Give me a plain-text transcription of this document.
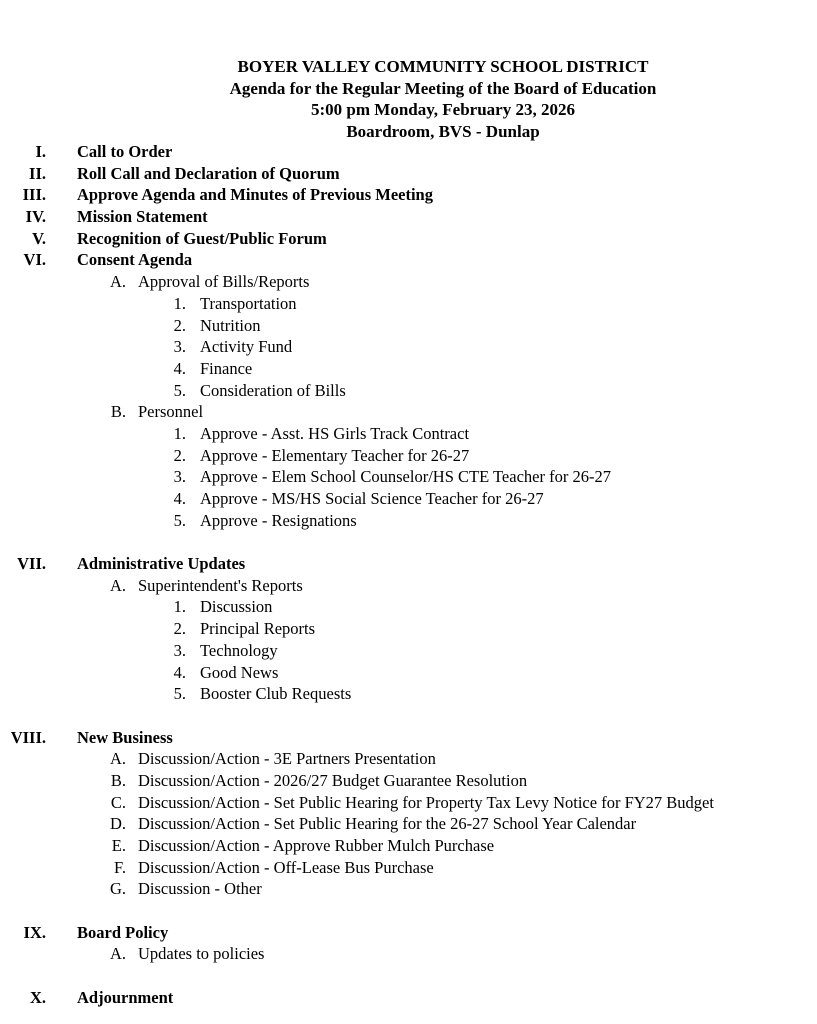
BOYER VALLEY COMMUNITY SCHOOL DISTRICT
Agenda for the Regular Meeting of the Board of Education
5:00 pm Monday, February 23, 2026
Boardroom, BVS - Dunlap
I. Call to Order
II. Roll Call and Declaration of Quorum
III. Approve Agenda and Minutes of Previous Meeting
IV. Mission Statement
V. Recognition of Guest/Public Forum
VI. Consent Agenda
A. Approval of Bills/Reports
1. Transportation
2. Nutrition
3. Activity Fund
4. Finance
5. Consideration of Bills
B. Personnel
1. Approve - Asst. HS Girls Track Contract
2. Approve - Elementary Teacher for 26-27
3. Approve - Elem School Counselor/HS CTE Teacher for 26-27
4. Approve - MS/HS Social Science Teacher for 26-27
5. Approve - Resignations
VII. Administrative Updates
A. Superintendent's Reports
1. Discussion
2. Principal Reports
3. Technology
4. Good News
5. Booster Club Requests
VIII. New Business
A. Discussion/Action - 3E Partners Presentation
B. Discussion/Action - 2026/27 Budget Guarantee Resolution
C. Discussion/Action - Set Public Hearing for Property Tax Levy Notice for FY27 Budget
D. Discussion/Action - Set Public Hearing for the 26-27 School Year Calendar
E. Discussion/Action - Approve Rubber Mulch Purchase
F. Discussion/Action - Off-Lease Bus Purchase
G. Discussion - Other
IX. Board Policy
A. Updates to policies
X. Adjournment
